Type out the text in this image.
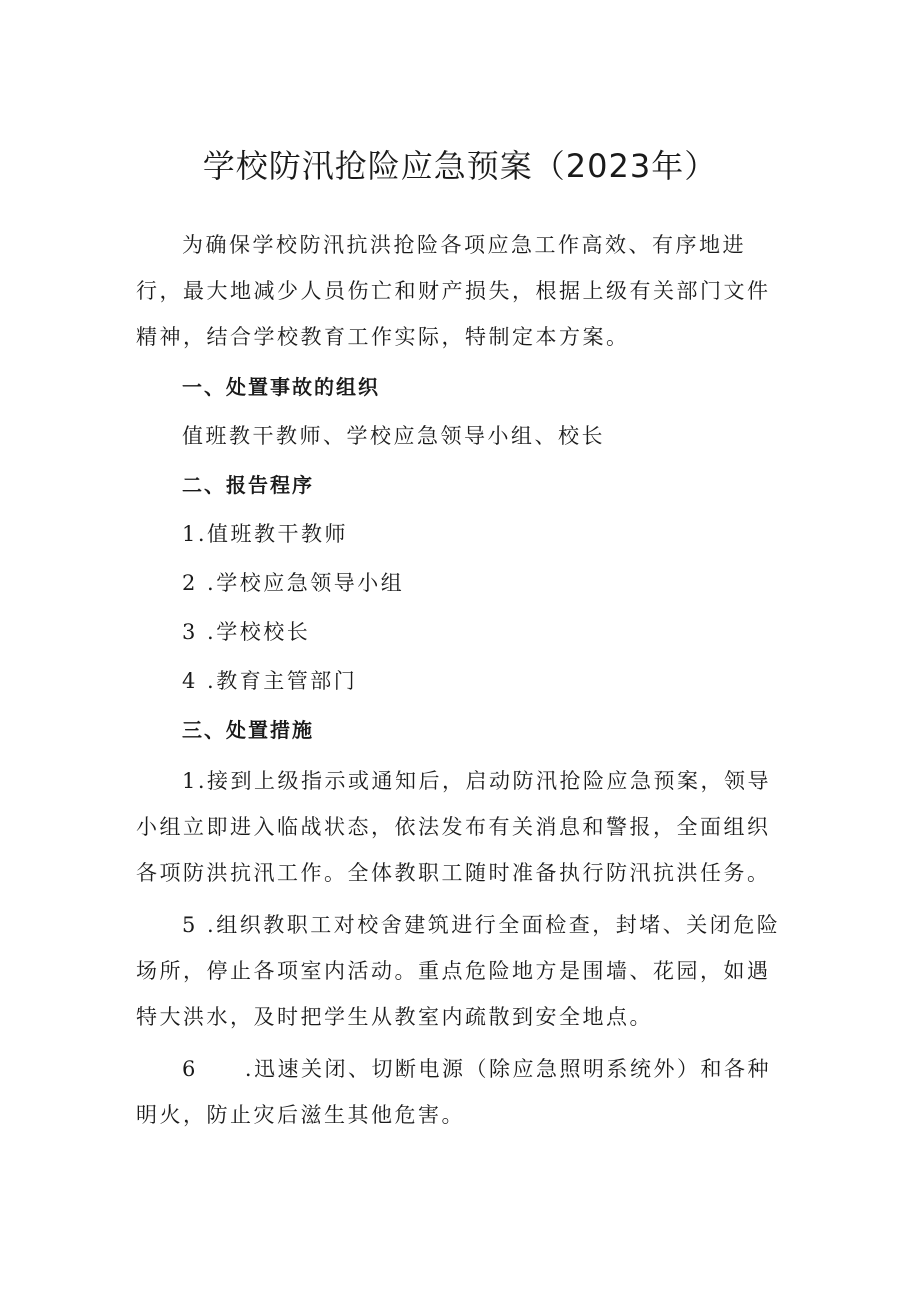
学校防汛抢险应急预案（2023年）

为确保学校防汛抗洪抢险各项应急工作高效、有序地进行，最大地减少人员伤亡和财产损失，根据上级有关部门文件精神，结合学校教育工作实际，特制定本方案。

一、处置事故的组织

值班教干教师、学校应急领导小组、校长

二、报告程序

1.值班教干教师

2 .学校应急领导小组

3 .学校校长

4 .教育主管部门

三、处置措施

1.接到上级指示或通知后，启动防汛抢险应急预案，领导小组立即进入临战状态，依法发布有关消息和警报，全面组织各项防洪抗汛工作。全体教职工随时准备执行防汛抗洪任务。

5 .组织教职工对校舍建筑进行全面检查，封堵、关闭危险场所，停止各项室内活动。重点危险地方是围墙、花园，如遇特大洪水，及时把学生从教室内疏散到安全地点。

6　　.迅速关闭、切断电源（除应急照明系统外）和各种明火，防止灾后滋生其他危害。
